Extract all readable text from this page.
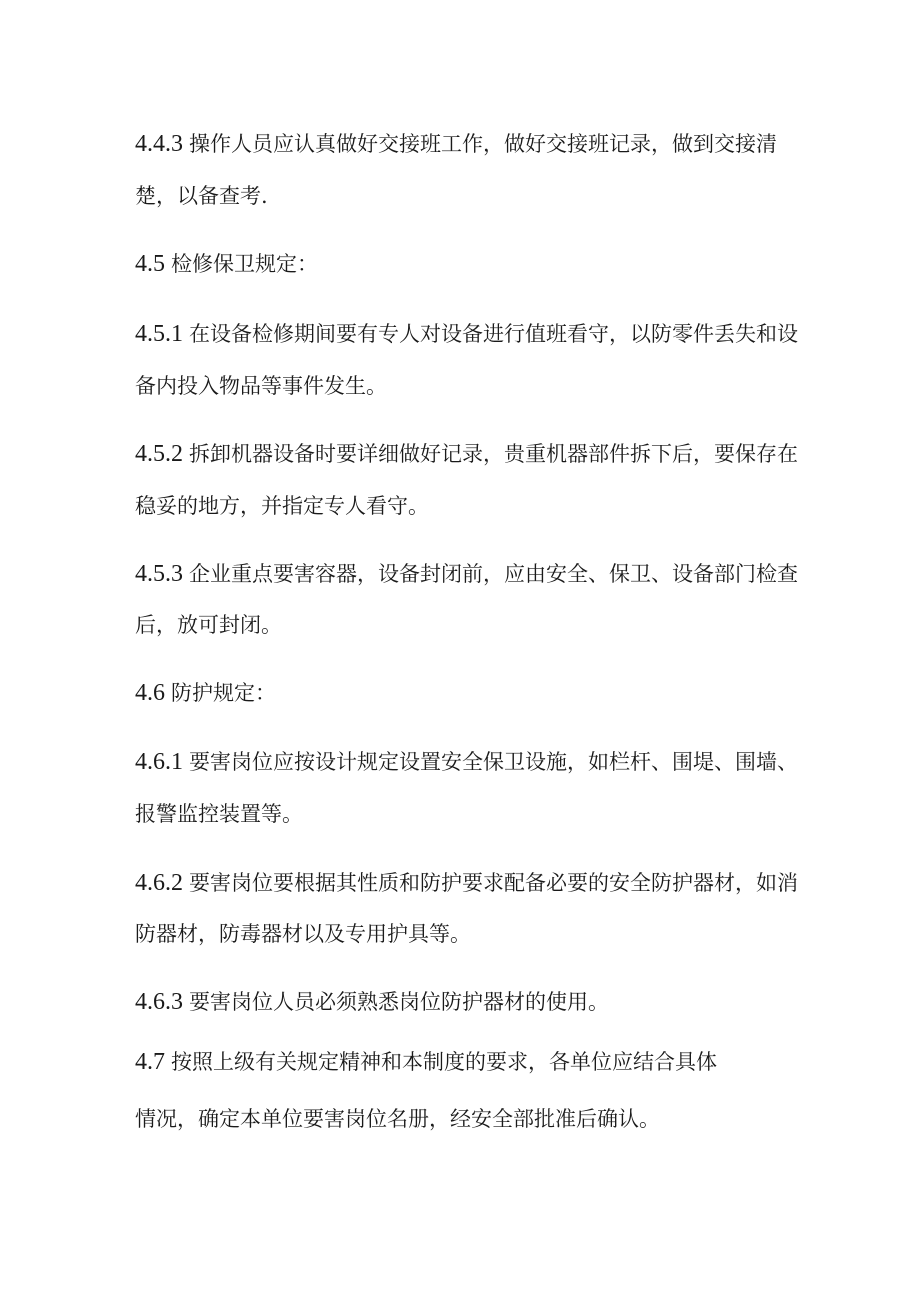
4.4.3 操作人员应认真做好交接班工作，做好交接班记录，做到交接清

楚，以备查考.

4.5 检修保卫规定：

4.5.1 在设备检修期间要有专人对设备进行值班看守，以防零件丢失和设

备内投入物品等事件发生。

4.5.2 拆卸机器设备时要详细做好记录，贵重机器部件拆下后，要保存在

稳妥的地方，并指定专人看守。

4.5.3 企业重点要害容器，设备封闭前，应由安全、保卫、设备部门检查

后，放可封闭。

4.6 防护规定：

4.6.1 要害岗位应按设计规定设置安全保卫设施，如栏杆、围堤、围墙、

报警监控装置等。

4.6.2 要害岗位要根据其性质和防护要求配备必要的安全防护器材，如消

防器材，防毒器材以及专用护具等。

4.6.3 要害岗位人员必须熟悉岗位防护器材的使用。

4.7 按照上级有关规定精神和本制度的要求，各单位应结合具体

情况，确定本单位要害岗位名册，经安全部批准后确认。
